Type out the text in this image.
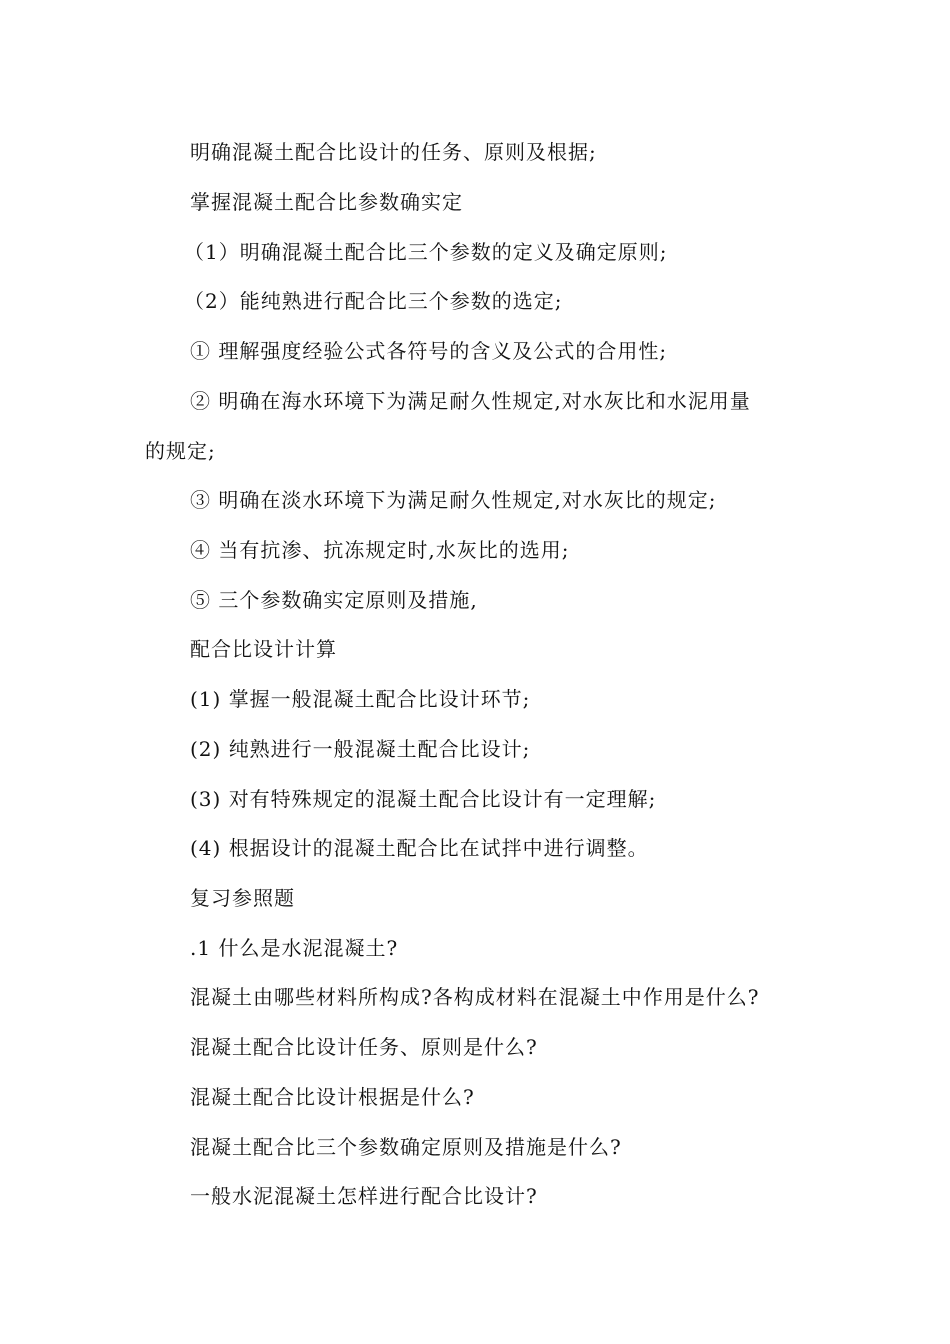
明确混凝土配合比设计的任务、原则及根据;
掌握混凝土配合比参数确实定
（1）明确混凝土配合比三个参数的定义及确定原则;
（2）能纯熟进行配合比三个参数的选定;
① 理解强度经验公式各符号的含义及公式的合用性;
② 明确在海水环境下为满足耐久性规定,对水灰比和水泥用量
的规定;
③ 明确在淡水环境下为满足耐久性规定,对水灰比的规定;
④ 当有抗渗、抗冻规定时,水灰比的选用;
⑤ 三个参数确实定原则及措施,
配合比设计计算
(1) 掌握一般混凝土配合比设计环节;
(2) 纯熟进行一般混凝土配合比设计;
(3) 对有特殊规定的混凝土配合比设计有一定理解;
(4) 根据设计的混凝土配合比在试拌中进行调整。
复习参照题
.1 什么是水泥混凝土?
混凝土由哪些材料所构成?各构成材料在混凝土中作用是什么?
混凝土配合比设计任务、原则是什么?
混凝土配合比设计根据是什么?
混凝土配合比三个参数确定原则及措施是什么?
一般水泥混凝土怎样进行配合比设计?
